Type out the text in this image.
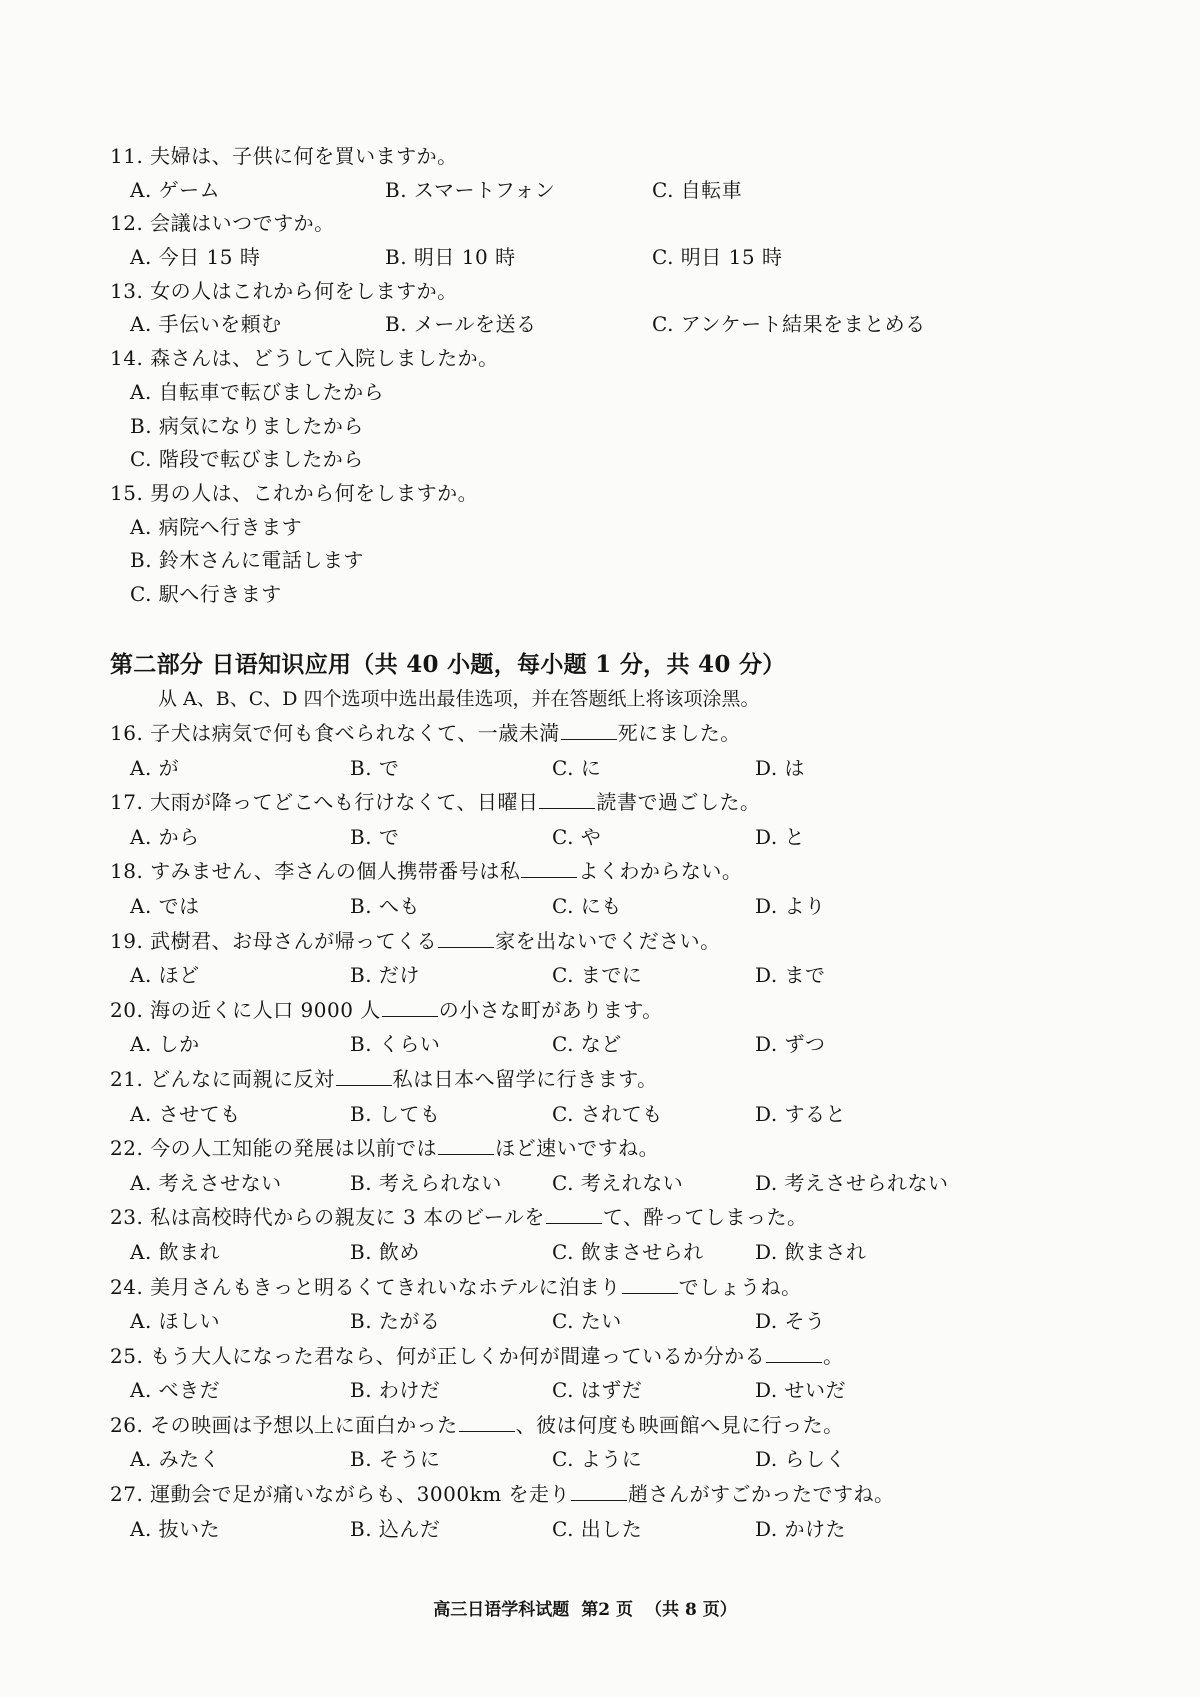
11. 夫婦は、子供に何を買いますか。
A. ゲーム	B. スマートフォン	C. 自転車
12. 会議はいつですか。
A. 今日 15 時	B. 明日 10 時	C. 明日 15 時
13. 女の人はこれから何をしますか。
A. 手伝いを頼む	B. メールを送る	C. アンケート結果をまとめる
14. 森さんは、どうして入院しましたか。
A. 自転車で転びましたから
B. 病気になりましたから
C. 階段で転びましたから
15. 男の人は、これから何をしますか。
A. 病院へ行きます
B. 鈴木さんに電話します
C. 駅へ行きます
第二部分 日语知识应用（共 40 小题，每小题 1 分，共 40 分）
从 A、B、C、D 四个选项中选出最佳选项，并在答题纸上将该项涂黑。
16. 子犬は病気で何も食べられなくて、一歳未満	死にました。
A. が	B. で	C. に	D. は
17. 大雨が降ってどこへも行けなくて、日曜日	読書で過ごした。
A. から	B. で	C. や	D. と
18. すみません、李さんの個人携帯番号は私	よくわからない。
A. では	B. へも	C. にも	D. より
19. 武樹君、お母さんが帰ってくる	家を出ないでください。
A. ほど	B. だけ	C. までに	D. まで
20. 海の近くに人口 9000 人	の小さな町があります。
A. しか	B. くらい	C. など	D. ずつ
21. どんなに両親に反対	私は日本へ留学に行きます。
A. させても	B. しても	C. されても	D. すると
22. 今の人工知能の発展は以前では	ほど速いですね。
A. 考えさせない	B. 考えられない	C. 考えれない	D. 考えさせられない
23. 私は高校時代からの親友に 3 本のビールを	て、酔ってしまった。
A. 飲まれ	B. 飲め	C. 飲まさせられ	D. 飲まされ
24. 美月さんもきっと明るくてきれいなホテルに泊まり	でしょうね。
A. ほしい	B. たがる	C. たい	D. そう
25. もう大人になった君なら、何が正しくか何が間違っているか分かる	。
A. べきだ	B. わけだ	C. はずだ	D. せいだ
26. その映画は予想以上に面白かった	、彼は何度も映画館へ見に行った。
A. みたく	B. そうに	C. ように	D. らしく
27. 運動会で足が痛いながらも、3000km を走り	趙さんがすごかったですね。
A. 抜いた	B. 込んだ	C. 出した	D. かけた
高三日语学科试题 第2 页 （共 8 页）
